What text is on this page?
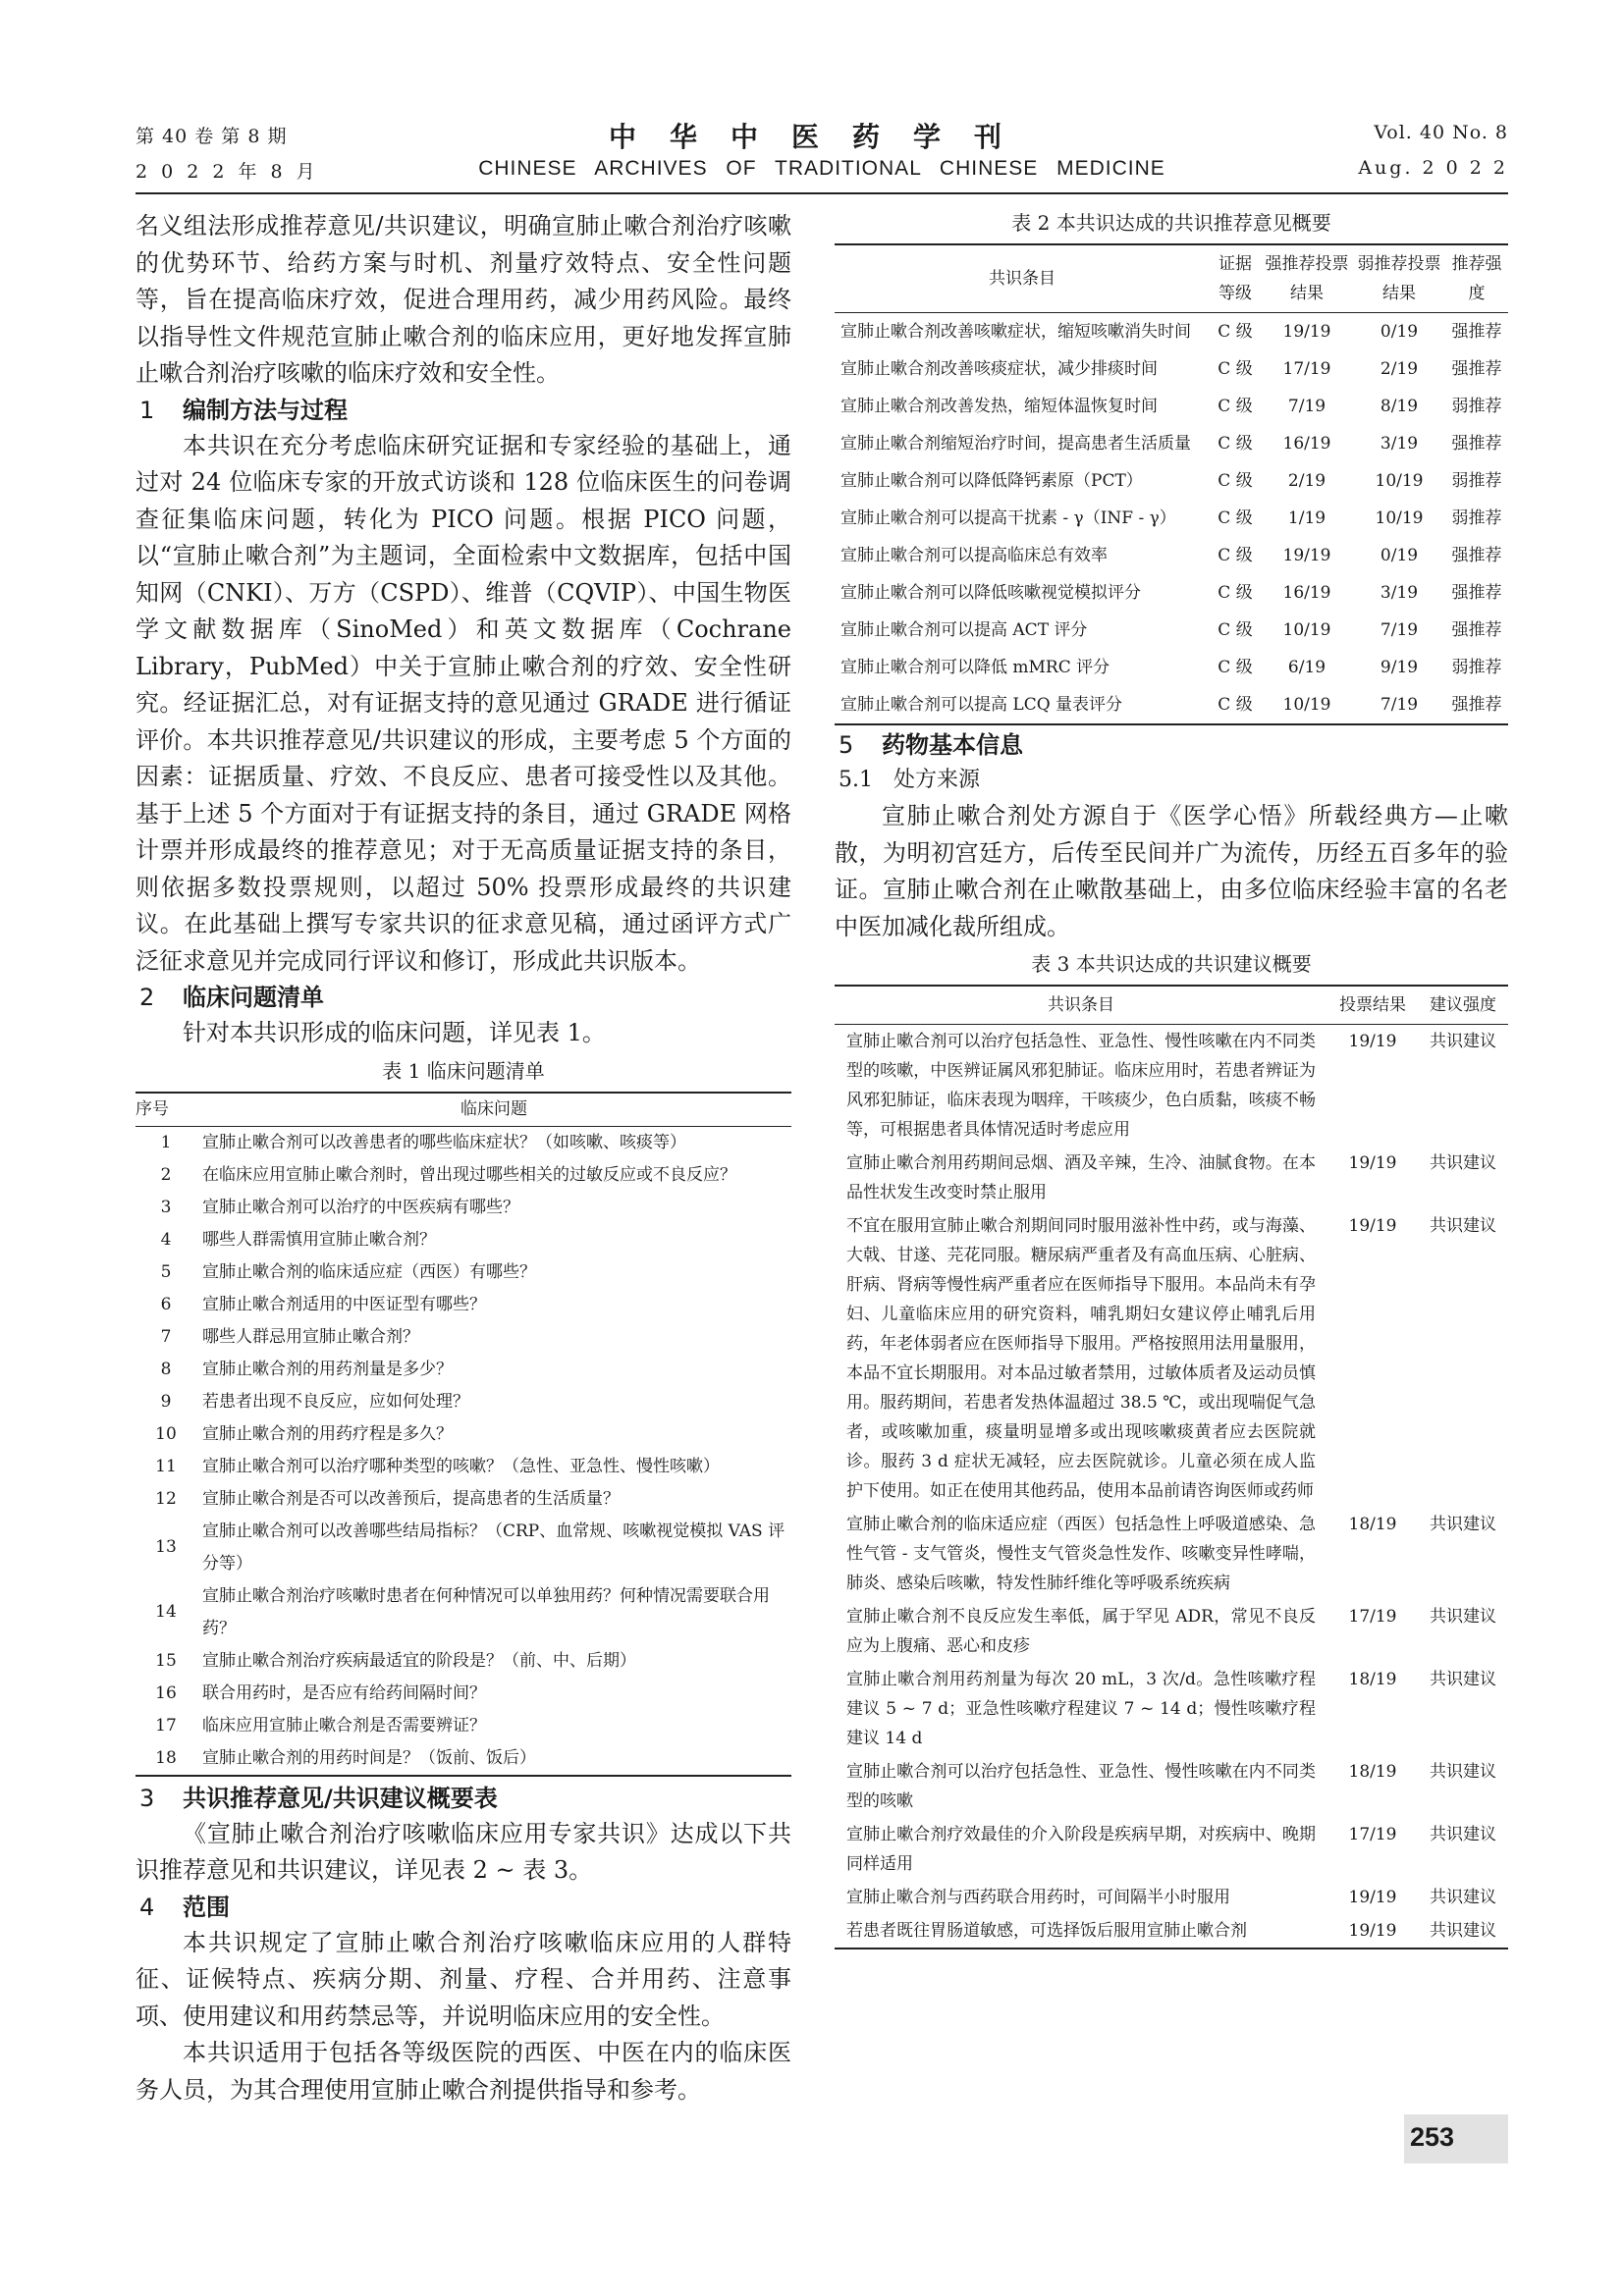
第 40 卷 第 8 期
2 0 2 2 年 8 月
中华中医药学刊
CHINESE ARCHIVES OF TRADITIONAL CHINESE MEDICINE
Vol. 40 No. 8
Aug. 2 0 2 2

名义组法形成推荐意见/共识建议，明确宣肺止嗽合剂治疗咳嗽的优势环节、给药方案与时机、剂量疗效特点、安全性问题等，旨在提高临床疗效，促进合理用药，减少用药风险。最终以指导性文件规范宣肺止嗽合剂的临床应用，更好地发挥宣肺止嗽合剂治疗咳嗽的临床疗效和安全性。

1 编制方法与过程

本共识在充分考虑临床研究证据和专家经验的基础上，通过对 24 位临床专家的开放式访谈和 128 位临床医生的问卷调查征集临床问题，转化为 PICO 问题。根据 PICO 问题，以“宣肺止嗽合剂”为主题词，全面检索中文数据库，包括中国知网（CNKI）、万方（CSPD）、维普（CQVIP）、中国生物医学文献数据库（SinoMed）和英文数据库（Cochrane Library，PubMed）中关于宣肺止嗽合剂的疗效、安全性研究。经证据汇总，对有证据支持的意见通过 GRADE 进行循证评价。本共识推荐意见/共识建议的形成，主要考虑 5 个方面的因素：证据质量、疗效、不良反应、患者可接受性以及其他。基于上述 5 个方面对于有证据支持的条目，通过 GRADE 网格计票并形成最终的推荐意见；对于无高质量证据支持的条目，则依据多数投票规则，以超过 50% 投票形成最终的共识建议。在此基础上撰写专家共识的征求意见稿，通过函评方式广泛征求意见并完成同行评议和修订，形成此共识版本。

2 临床问题清单

针对本共识形成的临床问题，详见表 1。

表 1 临床问题清单
序号	临床问题
1	宣肺止嗽合剂可以改善患者的哪些临床症状？（如咳嗽、咳痰等）
2	在临床应用宣肺止嗽合剂时，曾出现过哪些相关的过敏反应或不良反应？
3	宣肺止嗽合剂可以治疗的中医疾病有哪些？
4	哪些人群需慎用宣肺止嗽合剂？
5	宣肺止嗽合剂的临床适应症（西医）有哪些？
6	宣肺止嗽合剂适用的中医证型有哪些？
7	哪些人群忌用宣肺止嗽合剂？
8	宣肺止嗽合剂的用药剂量是多少？
9	若患者出现不良反应，应如何处理？
10	宣肺止嗽合剂的用药疗程是多久？
11	宣肺止嗽合剂可以治疗哪种类型的咳嗽？（急性、亚急性、慢性咳嗽）
12	宣肺止嗽合剂是否可以改善预后，提高患者的生活质量？
13	宣肺止嗽合剂可以改善哪些结局指标？（CRP、血常规、咳嗽视觉模拟 VAS 评分等）
14	宣肺止嗽合剂治疗咳嗽时患者在何种情况可以单独用药？何种情况需要联合用药？
15	宣肺止嗽合剂治疗疾病最适宜的阶段是？（前、中、后期）
16	联合用药时，是否应有给药间隔时间？
17	临床应用宣肺止嗽合剂是否需要辨证？
18	宣肺止嗽合剂的用药时间是？（饭前、饭后）
3 共识推荐意见/共识建议概要表

《宣肺止嗽合剂治疗咳嗽临床应用专家共识》达成以下共识推荐意见和共识建议，详见表 2 ~ 表 3。

4 范围

本共识规定了宣肺止嗽合剂治疗咳嗽临床应用的人群特征、证候特点、疾病分期、剂量、疗程、合并用药、注意事项、使用建议和用药禁忌等，并说明临床应用的安全性。

本共识适用于包括各等级医院的西医、中医在内的临床医务人员，为其合理使用宣肺止嗽合剂提供指导和参考。

表 2 本共识达成的共识推荐意见概要
共识条目	证据等级	强推荐投票结果	弱推荐投票结果	推荐强度
宣肺止嗽合剂改善咳嗽症状，缩短咳嗽消失时间	C 级	19/19	0/19	强推荐
宣肺止嗽合剂改善咳痰症状，减少排痰时间	C 级	17/19	2/19	强推荐
宣肺止嗽合剂改善发热，缩短体温恢复时间	C 级	7/19	8/19	弱推荐
宣肺止嗽合剂缩短治疗时间，提高患者生活质量	C 级	16/19	3/19	强推荐
宣肺止嗽合剂可以降低降钙素原（PCT）	C 级	2/19	10/19	弱推荐
宣肺止嗽合剂可以提高干扰素 - γ（INF - γ）	C 级	1/19	10/19	弱推荐
宣肺止嗽合剂可以提高临床总有效率	C 级	19/19	0/19	强推荐
宣肺止嗽合剂可以降低咳嗽视觉模拟评分	C 级	16/19	3/19	强推荐
宣肺止嗽合剂可以提高 ACT 评分	C 级	10/19	7/19	强推荐
宣肺止嗽合剂可以降低 mMRC 评分	C 级	6/19	9/19	弱推荐
宣肺止嗽合剂可以提高 LCQ 量表评分	C 级	10/19	7/19	强推荐
5 药物基本信息
5.1 处方来源

宣肺止嗽合剂处方源自于《医学心悟》所载经典方—止嗽散，为明初宫廷方，后传至民间并广为流传，历经五百多年的验证。宣肺止嗽合剂在止嗽散基础上，由多位临床经验丰富的名老中医加减化裁所组成。

表 3 本共识达成的共识建议概要
共识条目	投票结果	建议强度
宣肺止嗽合剂可以治疗包括急性、亚急性、慢性咳嗽在内不同类型的咳嗽，中医辨证属风邪犯肺证。临床应用时，若患者辨证为风邪犯肺证，临床表现为咽痒，干咳痰少，色白质黏，咳痰不畅等，可根据患者具体情况适时考虑应用	19/19	共识建议
宣肺止嗽合剂用药期间忌烟、酒及辛辣，生冷、油腻食物。在本品性状发生改变时禁止服用	19/19	共识建议
不宜在服用宣肺止嗽合剂期间同时服用滋补性中药，或与海藻、大戟、甘遂、芫花同服。糖尿病严重者及有高血压病、心脏病、肝病、肾病等慢性病严重者应在医师指导下服用。本品尚未有孕妇、儿童临床应用的研究资料，哺乳期妇女建议停止哺乳后用药，年老体弱者应在医师指导下服用。严格按照用法用量服用，本品不宜长期服用。对本品过敏者禁用，过敏体质者及运动员慎用。服药期间，若患者发热体温超过 38.5 ℃，或出现喘促气急者，或咳嗽加重，痰量明显增多或出现咳嗽痰黄者应去医院就诊。服药 3 d 症状无减轻，应去医院就诊。儿童必须在成人监护下使用。如正在使用其他药品，使用本品前请咨询医师或药师	19/19	共识建议
宣肺止嗽合剂的临床适应症（西医）包括急性上呼吸道感染、急性气管 - 支气管炎，慢性支气管炎急性发作、咳嗽变异性哮喘，肺炎、感染后咳嗽，特发性肺纤维化等呼吸系统疾病	18/19	共识建议
宣肺止嗽合剂不良反应发生率低，属于罕见 ADR，常见不良反应为上腹痛、恶心和皮疹	17/19	共识建议
宣肺止嗽合剂用药剂量为每次 20 mL，3 次/d。急性咳嗽疗程建议 5 ~ 7 d；亚急性咳嗽疗程建议 7 ~ 14 d；慢性咳嗽疗程建议 14 d	18/19	共识建议
宣肺止嗽合剂可以治疗包括急性、亚急性、慢性咳嗽在内不同类型的咳嗽	18/19	共识建议
宣肺止嗽合剂疗效最佳的介入阶段是疾病早期，对疾病中、晚期同样适用	17/19	共识建议
宣肺止嗽合剂与西药联合用药时，可间隔半小时服用	19/19	共识建议
若患者既往胃肠道敏感，可选择饭后服用宣肺止嗽合剂	19/19	共识建议
253
